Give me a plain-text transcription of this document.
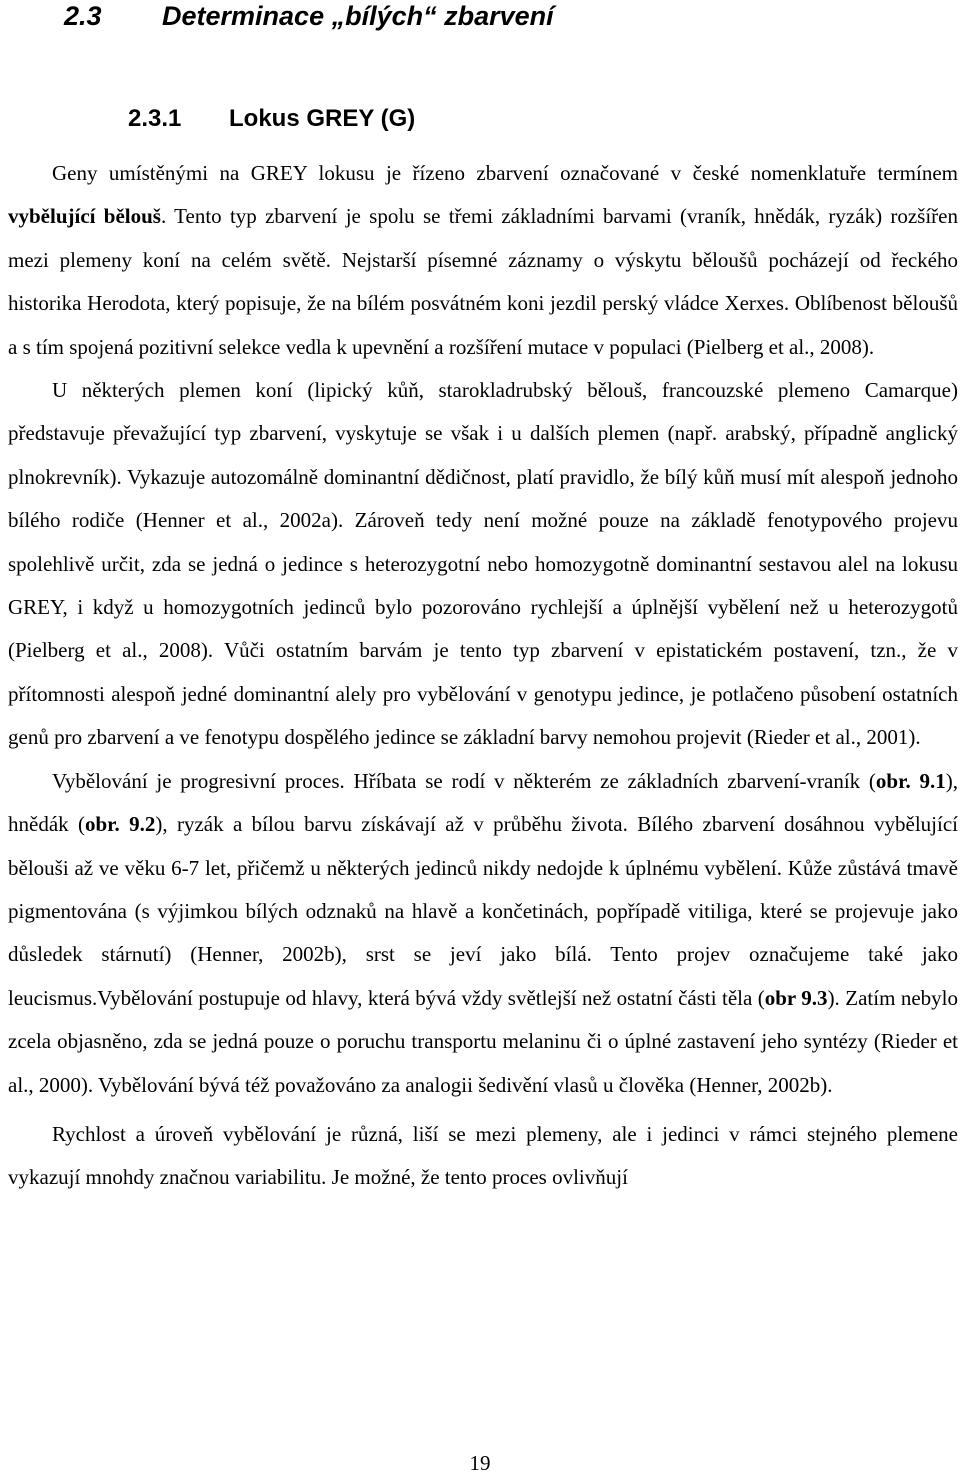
2.3 Determinace „bílých“ zbarvení
2.3.1 Lokus GREY (G)

Geny umístěnými na GREY lokusu je řízeno zbarvení označované v české nomenklatuře termínem vybělující bělouš. Tento typ zbarvení je spolu se třemi základními barvami (vraník, hnědák, ryzák) rozšířen mezi plemeny koní na celém světě. Nejstarší písemné záznamy o výskytu bělоušů pocházejí od řeckého historika Herodota, který popisuje, že na bílém posvátném koni jezdil perský vládce Xerxes. Oblíbenost bělоušů a s tím spojená pozitivní selekce vedla k upevnění a rozšíření mutace v populaci (Pielberg et al., 2008).

U některých plemen koní (lipický kůň, starokladrubský bělouš, francouzské plemeno Camarque) představuje převažující typ zbarvení, vyskytuje se však i u dalších plemen (např. arabský, případně anglický plnokrevník). Vykazuje autozomálně dominantní dědičnost, platí pravidlo, že bílý kůň musí mít alespoň jednoho bílého rodiče (Henner et al., 2002a). Zároveň tedy není možné pouze na základě fenotypového projevu spolehlivě určit, zda se jedná o jedince s heterozygotní nebo homozygotně dominantní sestavou alel na lokusu GREY, i když u homozygotních jedinců bylo pozorováno rychlejší a úplnější vybělení než u heterozygotů (Pielberg et al., 2008). Vůči ostatním barvám je tento typ zbarvení v epistatickém postavení, tzn., že v přítomnosti alespoň jedné dominantní alely pro vybělování v genotypu jedince, je potlačeno působení ostatních genů pro zbarvení a ve fenotypu dospělého jedince se základní barvy nemohou projevit (Rieder et al., 2001).

Vybělování je progresivní proces. Hříbata se rodí v některém ze základních zbarvení-vraník (obr. 9.1), hnědák (obr. 9.2), ryzák a bílou barvu získávají až v průběhu života. Bílého zbarvení dosáhnou vybělující bělouši až ve věku 6-7 let, přičemž u některých jedinců nikdy nedojde k úplnému vybělení. Kůže zůstává tmavě pigmentována (s výjimkou bílých odznaků na hlavě a končetinách, popřípadě vitiliga, které se projevuje jako důsledek stárnutí) (Henner, 2002b), srst se jeví jako bílá. Tento projev označujeme také jako leucismus.Vybělování postupuje od hlavy, která bývá vždy světlejší než ostatní části těla (obr 9.3). Zatím nebylo zcela objasněno, zda se jedná pouze o poruchu transportu melaninu či o úplné zastavení jeho syntézy (Rieder et al., 2000). Vybělování bývá též považováno za analogii šedivění vlasů u člověka (Henner, 2002b).

Rychlost a úroveň vybělování je různá, liší se mezi plemeny, ale i jedinci v rámci stejného plemene vykazují mnohdy značnou variabilitu. Je možné, že tento proces ovlivňují

19
